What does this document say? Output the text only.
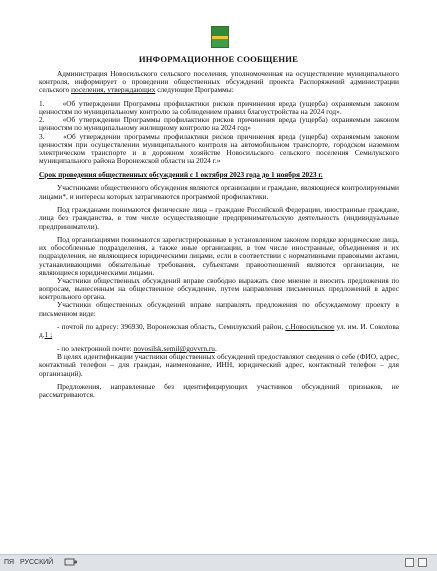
ИНФОРМАЦИОННОЕ СООБЩЕНИЕ

Администрация Новосильского сельского поселения, уполномоченная на осуществление муниципального контроля, информирует о проведении общественных обсуждений проекта Распоряжений администрации сельского поселения, утверждающих следующие Программы:

1.     «Об утверждении Программы профилактики рисков причинения вреда (ущерба) охраняемым законом ценностям по муниципальному контролю за соблюдением правил благоустройства на 2024 год».

2.     «Об утверждении Программы профилактики рисков причинения вреда (ущерба) охраняемым законом ценностям по муниципальному жилищному контролю на 2024 год»

3.     «Об утверждении программы профилактики рисков причинения вреда (ущерба) охраняемым законом ценностям при осуществлении муниципального контроля на автомобильном транспорте, городском наземном электрическом транспорте и в дорожном хозяйстве Новосильского сельского поселения Семилукского муниципального района Воронежской области на 2024 г.»

Срок проведения общественных обсуждений с 1 октября 2023 года до 1 ноября 2023 г.

Участниками общественного обсуждения являются организации и граждане, являющиеся контролируемыми лицами*, и интересы которых затрагиваются программой профилактики.

Под гражданами понимаются физические лица – граждане Российской Федерации, иностранные граждане, лица без гражданства, в том числе осуществляющие предпринимательскую деятельность (индивидуальные предприниматели).

Под организациями понимаются зарегистрированные в установленном законом порядке юридические лица, их обособленные подразделения, а также иные организации, в том числе иностранные, объединения и их подразделения, не являющиеся юридическими лицами, если в соответствии с нормативными правовыми актами, устанавливающими обязательные требования, субъектами правоотношений являются организации, не являющиеся юридическими лицами.

Участники общественных обсуждений вправе свободно выражать свое мнение и вносить предложения по вопросам, вынесенным на общественное обсуждение, путем направления письменных предложений в адрес контрольного органа.

Участники общественных обсуждений вправе направлять предложения по обсуждаемому проекту в письменном виде:

- почтой по адресу: 396930, Воронежская область, Семилукский район, с.Новосильское ул. им. И. Соколова д.1 ;

- по электронной почте: novosilsk.semil@govvrn.ru.

В целях идентификации участники общественных обсуждений предоставляют сведения о себе (ФИО, адрес, контактный телефон – для граждан, наименование, ИНН, юридический адрес, контактный телефон – для организаций).

Предложения, направленные без идентифицирующих участников обсуждений признаков, не рассматриваются.

ПЯ РУССКИЙ
